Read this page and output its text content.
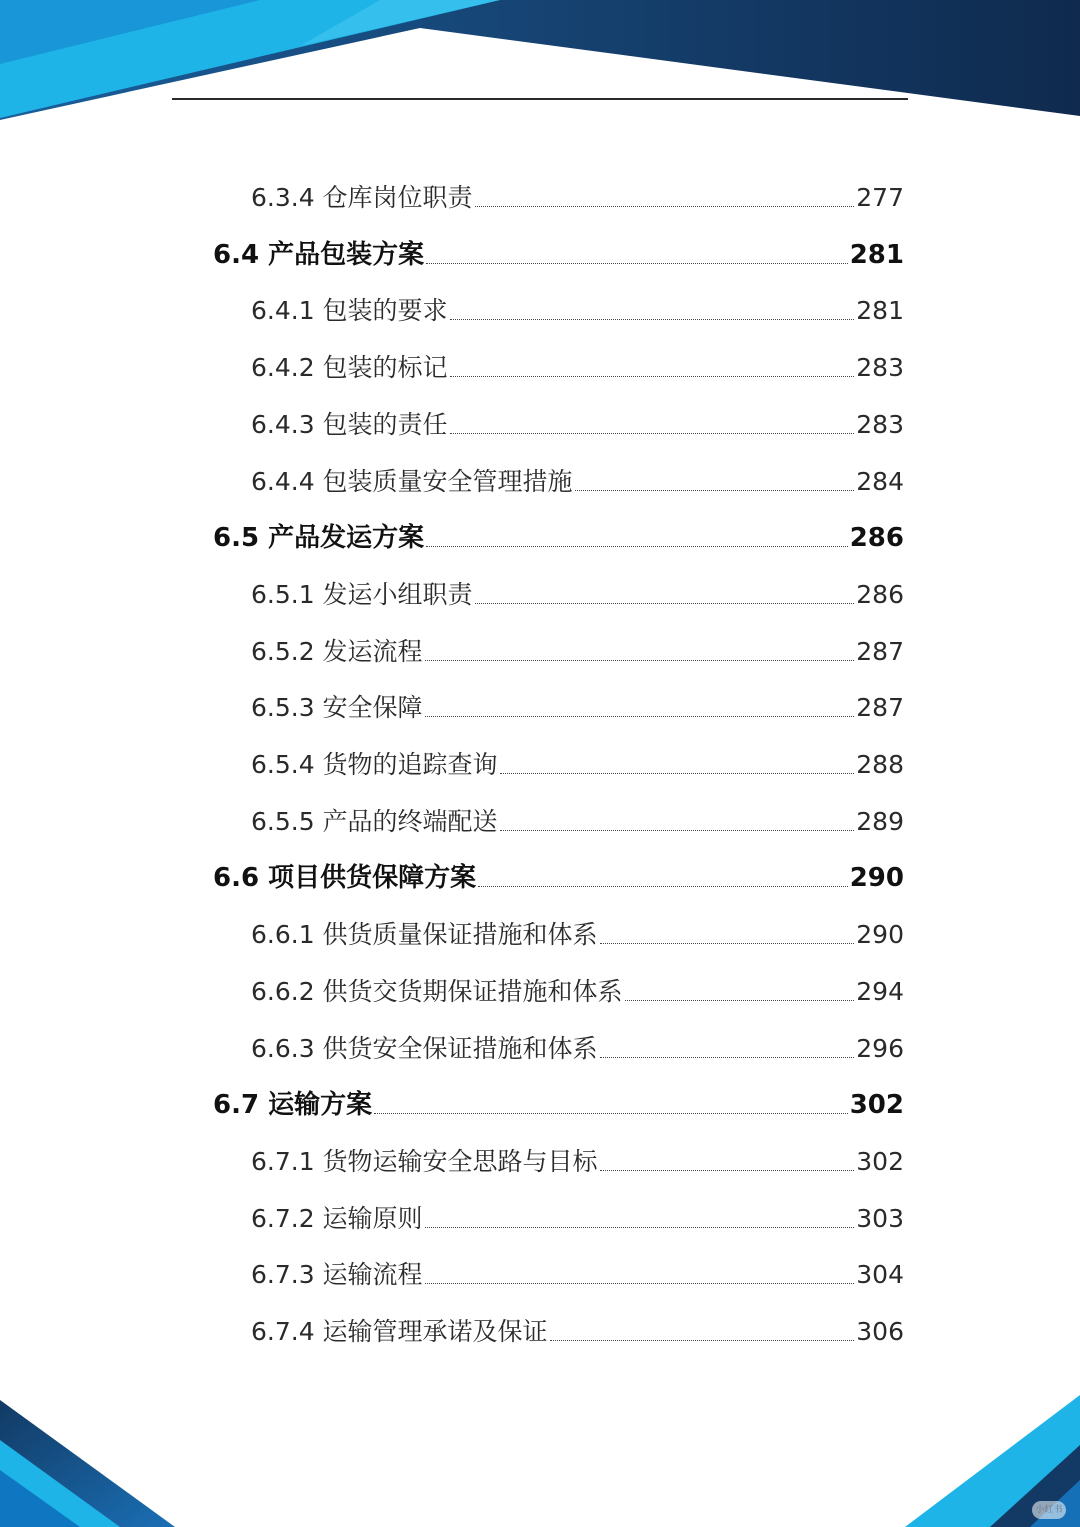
6.3.4 仓库岗位职责	277
6.4 产品包装方案	281
6.4.1 包装的要求	281
6.4.2 包装的标记	283
6.4.3 包装的责任	283
6.4.4 包装质量安全管理措施	284
6.5 产品发运方案	286
6.5.1 发运小组职责	286
6.5.2 发运流程	287
6.5.3 安全保障	287
6.5.4 货物的追踪查询	288
6.5.5 产品的终端配送	289
6.6 项目供货保障方案	290
6.6.1 供货质量保证措施和体系	290
6.6.2 供货交货期保证措施和体系	294
6.6.3 供货安全保证措施和体系	296
6.7 运输方案	302
6.7.1 货物运输安全思路与目标	302
6.7.2 运输原则	303
6.7.3 运输流程	304
6.7.4 运输管理承诺及保证	306
小红书
